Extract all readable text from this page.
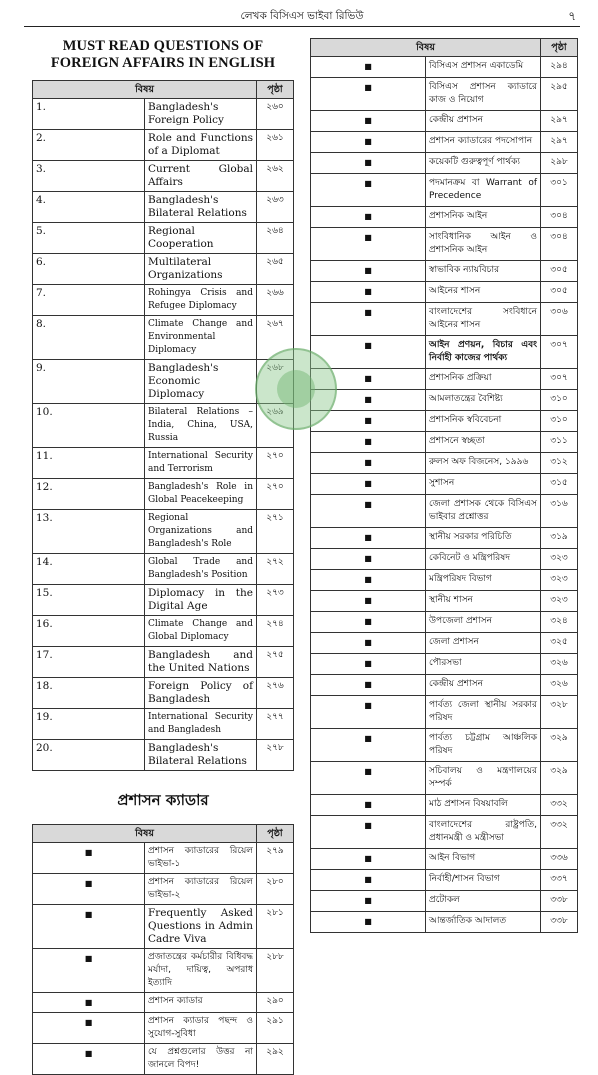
লেখক বিসিএস ভাইবা রিভিউ	৭
MUST READ QUESTIONS OF
FOREIGN AFFAIRS IN ENGLISH
বিষয়		পৃষ্ঠা
1.	Bangladesh's Foreign Policy	২৬০
2.	Role and Functions of a Diplomat	২৬১
3.	Current Global Affairs	২৬২
4.	Bangladesh's Bilateral Relations	২৬৩
5.	Regional Cooperation	২৬৪
6.	Multilateral Organizations	২৬৫
7.	Rohingya Crisis and Refugee Diplomacy	২৬৬
8.	Climate Change and Environmental Diplomacy	২৬৭
9.	Bangladesh's Economic Diplomacy	২৬৮
10.	Bilateral Relations – India, China, USA, Russia	২৬৯
11.	International Security and Terrorism	২৭০
12.	Bangladesh's Role in Global Peacekeeping	২৭০
13.	Regional Organizations and Bangladesh's Role	২৭১
14.	Global Trade and Bangladesh's Position	২৭২
15.	Diplomacy in the Digital Age	২৭৩
16.	Climate Change and Global Diplomacy	২৭৪
17.	Bangladesh and the United Nations	২৭৫
18.	Foreign Policy of Bangladesh	২৭৬
19.	International Security and Bangladesh	২৭৭
20.	Bangladesh's Bilateral Relations	২৭৮
প্রশাসন ক্যাডার
বিষয়		পৃষ্ঠা
■	প্রশাসন ক্যাডারের রিয়েল ভাইভা-১	২৭৯
■	প্রশাসন ক্যাডারের রিয়েল ভাইভা-২	২৮০
■	Frequently Asked Questions in Admin Cadre Viva	২৮১
■	প্রজাতন্ত্রের কর্মচারীর বিধিবদ্ধ মর্যাদা, দায়িত্ব, অপরাধ ইত্যাদি	২৮৮
■	প্রশাসন ক্যাডার	২৯০
■	প্রশাসন ক্যাডার পছন্দ ও সুযোগ-সুবিধা	২৯১
■	যে প্রশ্নগুলোর উত্তর না জানলে বিপদ!	২৯২
বিষয়		পৃষ্ঠা
■	বিসিএস প্রশাসন একাডেমি	২৯৪
■	বিসিএস প্রশাসন ক্যাডারে কাজ ও নিয়োগ	২৯৫
■	কেন্দ্রীয় প্রশাসন	২৯৭
■	প্রশাসন ক্যাডারের পদসোপান	২৯৭
■	কয়েকটি গুরুত্বপূর্ণ পার্থক্য	২৯৮
■	পদমানক্রম বা Warrant of Precedence	৩০১
■	প্রশাসনিক আইন	৩০৪
■	সাংবিধানিক আইন ও প্রশাসনিক আইন	৩০৪
■	স্বাভাবিক ন্যায়বিচার	৩০৫
■	আইনের শাসন	৩০৫
■	বাংলাদেশের সংবিধানে আইনের শাসন	৩০৬
■	আইন প্রণয়ন, বিচার এবং নির্বাহী কাজের পার্থক্য	৩০৭
■	প্রশাসনিক প্রক্রিয়া	৩০৭
■	আমলাতন্ত্রের বৈশিষ্ট্য	৩১০
■	প্রশাসনিক স্ববিবেচনা	৩১০
■	প্রশাসনে স্বচ্ছতা	৩১১
■	রুলস অফ বিজনেস, ১৯৯৬	৩১২
■	সুশাসন	৩১৫
■	জেলা প্রশাসক থেকে বিসিএস ভাইবার প্রশ্নোত্তর	৩১৬
■	স্থানীয় সরকার পরিচিতি	৩১৯
■	কেবিনেট ও মন্ত্রিপরিষদ	৩২৩
■	মন্ত্রিপরিষদ বিভাগ	৩২৩
■	স্থানীয় শাসন	৩২৩
■	উপজেলা প্রশাসন	৩২৪
■	জেলা প্রশাসন	৩২৫
■	পৌরসভা	৩২৬
■	কেন্দ্রীয় প্রশাসন	৩২৬
■	পার্বত্য জেলা স্থানীয় সরকার পরিষদ	৩২৮
■	পার্বত্য চট্টগ্রাম আঞ্চলিক পরিষদ	৩২৯
■	সচিবালয় ও মন্ত্রণালয়ের সম্পর্ক	৩২৯
■	মাঠ প্রশাসন বিষয়াবলি	৩৩২
■	বাংলাদেশের রাষ্ট্রপতি, প্রধানমন্ত্রী ও মন্ত্রীসভা	৩৩২
■	আইন বিভাগ	৩৩৬
■	নির্বাহী/শাসন বিভাগ	৩৩৭
■	প্রটোকল	৩৩৮
■	আন্তর্জাতিক আদালত	৩৩৮
